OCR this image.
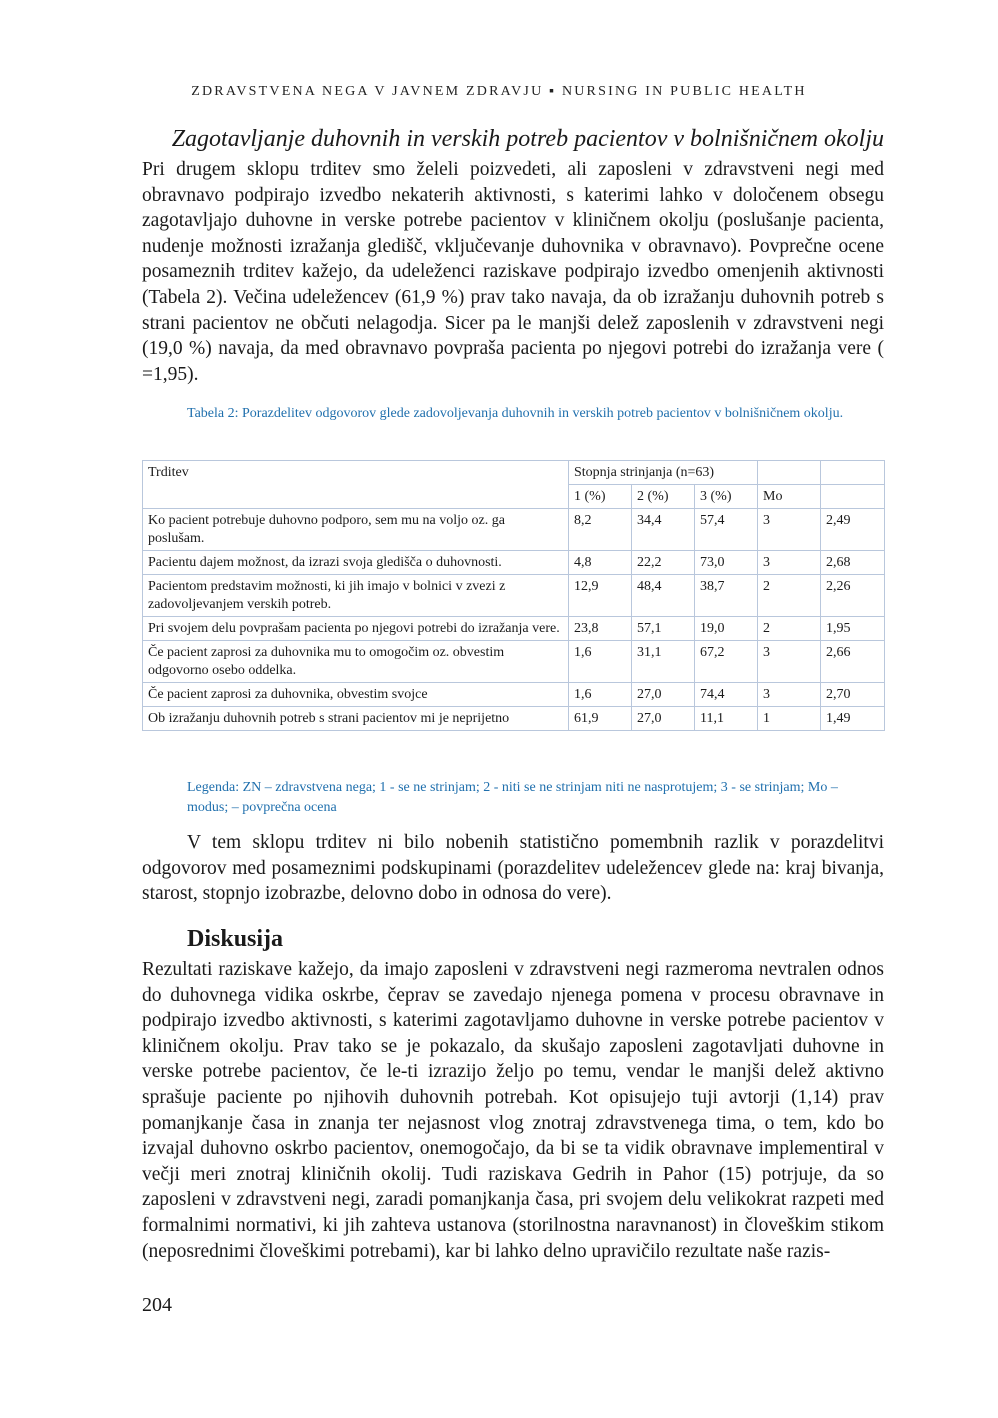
ZDRAVSTVENA NEGA V JAVNEM ZDRAVJU ▪ NURSING IN PUBLIC HEALTH
Zagotavljanje duhovnih in verskih potreb pacientov v bolnišničnem okolju
Pri drugem sklopu trditev smo želeli poizvedeti, ali zaposleni v zdravstveni negi med obravnavo podpirajo izvedbo nekaterih aktivnosti, s katerimi lahko v določenem obsegu zagotavljajo duhovne in verske potrebe pacientov v kliničnem okolju (poslušanje pacienta, nudenje možnosti izražanja gledišč, vključevanje duhovnika v obravnavo). Povprečne ocene posameznih trditev kažejo, da udeleženci raziskave podpirajo izvedbo omenjenih aktivnosti (Tabela 2). Večina udeležencev (61,9 %) prav tako navaja, da ob izražanju duhovnih potreb s strani pacientov ne občuti nelagodja. Sicer pa le manjši delež zaposlenih v zdravstveni negi (19,0 %) navaja, da med obravnavo povpraša pacienta po njegovi potrebi do izražanja vere ( =1,95).
Tabela 2: Porazdelitev odgovorov glede zadovoljevanja duhovnih in verskih potreb pacientov v bolnišničnem okolju.
Trditev	Stopnja strinjanja (n=63)				
	1 (%)	2 (%)	3 (%)	Mo	
Ko pacient potrebuje duhovno podporo, sem mu na voljo oz. ga poslušam.	8,2	34,4	57,4	3	2,49
Pacientu dajem možnost, da izrazi svoja gledišča o duhovnosti.	4,8	22,2	73,0	3	2,68
Pacientom predstavim možnosti, ki jih imajo v bolnici v zvezi z zadovoljevanjem verskih potreb.	12,9	48,4	38,7	2	2,26
Pri svojem delu povprašam pacienta po njegovi potrebi do izražanja vere.	23,8	57,1	19,0	2	1,95
Če pacient zaprosi za duhovnika mu to omogočim oz. obvestim odgovorno osebo oddelka.	1,6	31,1	67,2	3	2,66
Če pacient zaprosi za duhovnika, obvestim svojce	1,6	27,0	74,4	3	2,70
Ob izražanju duhovnih potreb s strani pacientov mi je neprijetno	61,9	27,0	11,1	1	1,49
Legenda: ZN – zdravstvena nega; 1 - se ne strinjam; 2 - niti se ne strinjam niti ne nasprotujem; 3 - se strinjam; Mo – modus; – povprečna ocena
V tem sklopu trditev ni bilo nobenih statistično pomembnih razlik v porazdelitvi odgovorov med posameznimi podskupinami (porazdelitev udeležencev glede na: kraj bivanja, starost, stopnjo izobrazbe, delovno dobo in odnosa do vere).
Diskusija
Rezultati raziskave kažejo, da imajo zaposleni v zdravstveni negi razmeroma nevtralen odnos do duhovnega vidika oskrbe, čeprav se zavedajo njenega pomena v procesu obravnave in podpirajo izvedbo aktivnosti, s katerimi zagotavljamo duhovne in verske potrebe pacientov v kliničnem okolju. Prav tako se je pokazalo, da skušajo zaposleni zagotavljati duhovne in verske potrebe pacientov, če le-ti izrazijo željo po temu, vendar le manjši delež aktivno sprašuje paciente po njihovih duhovnih potrebah. Kot opisujejo tuji avtorji (1,14) prav pomanjkanje časa in znanja ter nejasnost vlog znotraj zdravstvenega tima, o tem, kdo bo izvajal duhovno oskrbo pacientov, onemogočajo, da bi se ta vidik obravnave implementiral v večji meri znotraj kliničnih okolij. Tudi raziskava Gedrih in Pahor (15) potrjuje, da so zaposleni v zdravstveni negi, zaradi pomanjkanja časa, pri svojem delu velikokrat razpeti med formalnimi normativi, ki jih zahteva ustanova (storilnostna naravnanost) in človeškim stikom (neposrednimi človeškimi potrebami), kar bi lahko delno upravičilo rezultate naše razis-
204
